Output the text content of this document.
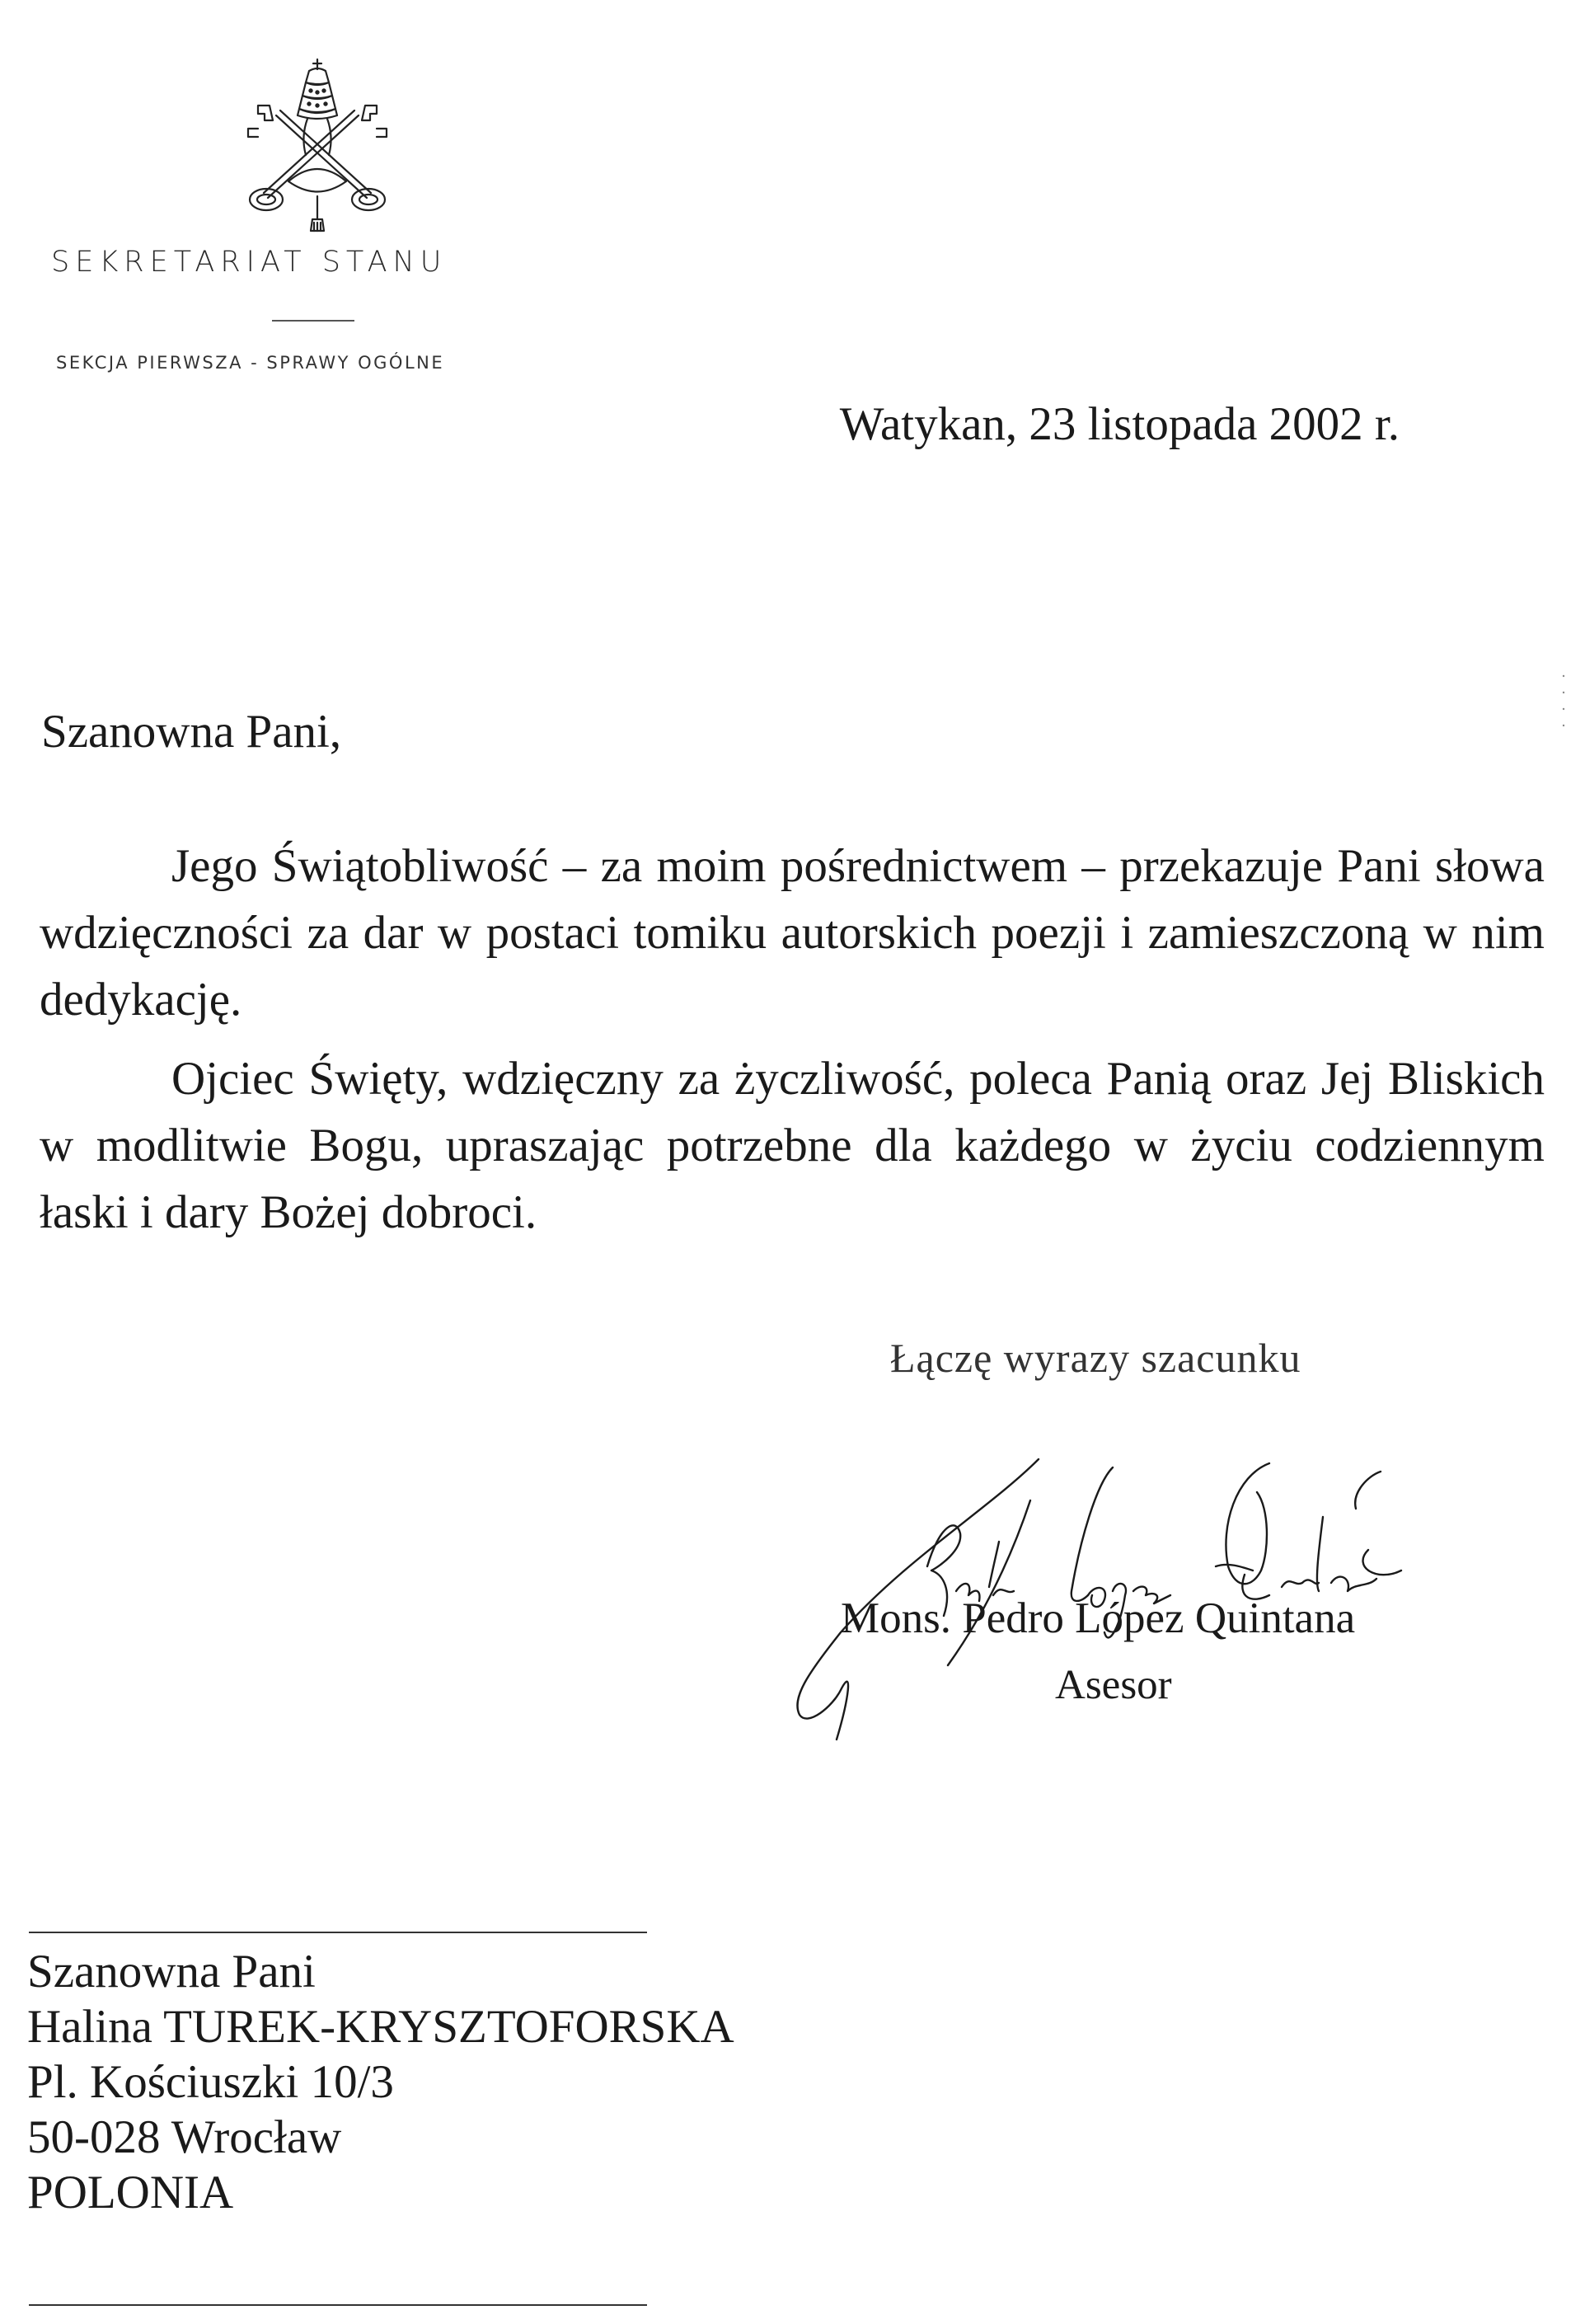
SEKRETARIAT STANU
SEKCJA PIERWSZA - SPRAWY OGÓLNE
Watykan, 23 listopada 2002 r.
Szanowna Pani,

Jego Świątobliwość – za moim pośrednictwem – przekazuje Pani słowa wdzięczności za dar w postaci tomiku autorskich poezji i zamieszczoną w nim dedykację.

Ojciec Święty, wdzięczny za życzliwość, poleca Panią oraz Jej Bliskich w modlitwie Bogu, upraszając potrzebne dla każdego w życiu codziennym łaski i dary Bożej dobroci.

Łączę wyrazy szacunku
Mons. Pedro López Quintana
Asesor
Szanowna Pani
Halina TUREK-KRYSZTOFORSKA
Pl. Kościuszki 10/3
50-028 Wrocław
POLONIA
